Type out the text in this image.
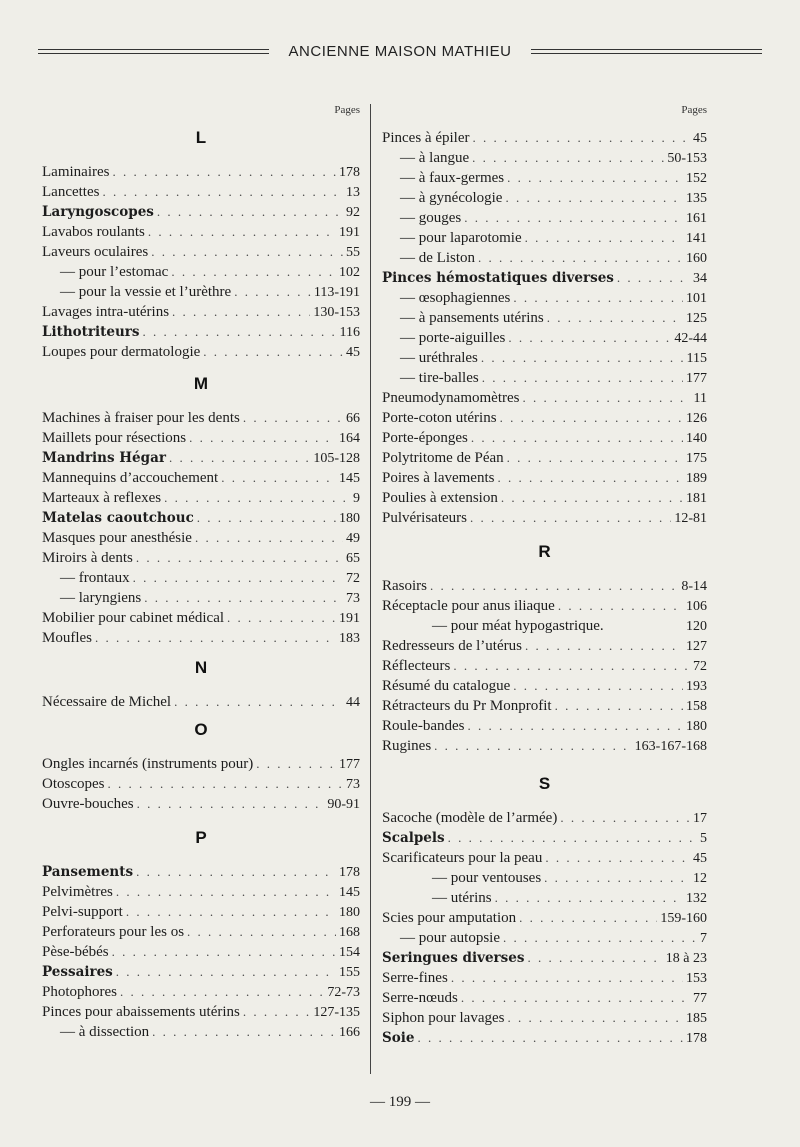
ANCIENNE MAISON MATHIEU
Pages
L
Laminaires . . .	178
Lancettes . . .	13
Laryngoscopes . . .	92
Lavabos roulants . . .	191
Laveurs oculaires . . .	55
— pour l’estomac . . .	102
— pour la vessie et l’urèthre . . .	113-191
Lavages intra-utérins . . .	130-153
Lithotriteurs . . .	116
Loupes pour dermatologie . . .	45
M
Machines à fraiser pour les dents . . .	66
Maillets pour résections . . .	164
Mandrins Hégar . . .	105-128
Mannequins d’accouchement . . .	145
Marteaux à reflexes . . .	9
Matelas caoutchouc . . .	180
Masques pour anesthésie . . .	49
Miroirs à dents . . .	65
— frontaux . . .	72
— laryngiens . . .	73
Mobilier pour cabinet médical . . .	191
Moufles . . .	183
N
Nécessaire de Michel . . .	44
O
Ongles incarnés (instruments pour) . . .	177
Otoscopes . . .	73
Ouvre-bouches . . .	90-91
P
Pansements . . .	178
Pelvimètres . . .	145
Pelvi-support . . .	180
Perforateurs pour les os . . .	168
Pèse-bébés . . .	154
Pessaires . . .	155
Photophores . . .	72-73
Pinces pour abaissements utérins . . .	127-135
— à dissection . . .	166
Pages
Pinces à épiler . . .	45
— à langue . . .	50-153
— à faux-germes . . .	152
— à gynécologie . . .	135
— gouges . . .	161
— pour laparotomie . . .	141
— de Liston . . .	160
Pinces hémostatiques diverses . . .	34
— œsophagiennes . . .	101
— à pansements utérins . . .	125
— porte-aiguilles . . .	42-44
— uréthrales . . .	115
— tire-balles . . .	177
Pneumodynamomètres . . .	11
Porte-coton utérins . . .	126
Porte-éponges . . .	140
Polytritome de Péan . . .	175
Poires à lavements . . .	189
Poulies à extension . . .	181
Pulvérisateurs . . .	12-81
R
Rasoirs . . .	8-14
Réceptacle pour anus iliaque . . .	106
— pour méat hypogastrique.	120
Redresseurs de l’utérus . . .	127
Réflecteurs . . .	72
Résumé du catalogue . . .	193
Rétracteurs du Pr Monprofit . . .	158
Roule-bandes . . .	180
Rugines . . .	163-167-168
S
Sacoche (modèle de l’armée) . . .	17
Scalpels . . .	5
Scarificateurs pour la peau . . .	45
— pour ventouses . . .	12
— utérins . . .	132
Scies pour amputation . . .	159-160
— pour autopsie . . .	7
Seringues diverses . . .	18 à 23
Serre-fines . . .	153
Serre-nœuds . . .	77
Siphon pour lavages . . .	185
Soie . . .	178
— 199 —
